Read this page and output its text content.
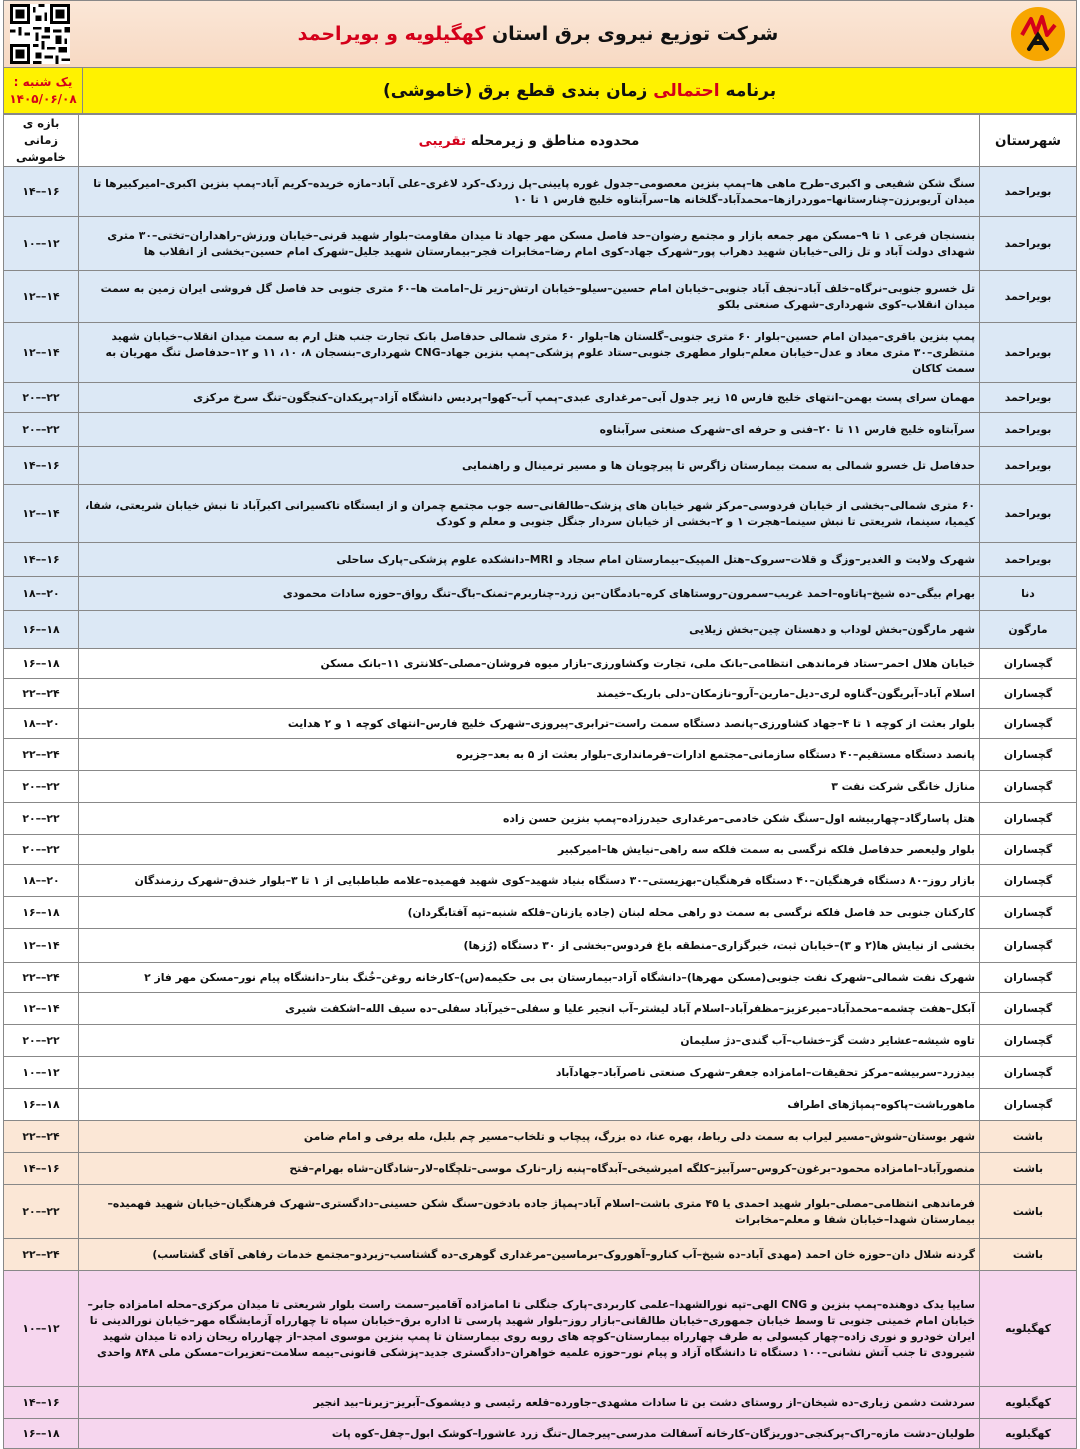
شرکت توزیع نیروی برق استان کهگیلویه و بویراحمد
یک شنبه :
۱۴۰۵/۰۶/۰۸	برنامه

احتمالی

زمان بندی قطع برق (خاموشی)
شهرستان	محدوده مناطق و زیرمحله تقریبی	بازه ی زمانی خاموشی
بویراحمد	سنگ شکن شفیعی و اکبری–طرح ماهی ها–پمپ بنزین معصومی–جدول غوره پایینی–پل زردک–کرد لاغری–علی آباد–مازه خریده–کریم آباد–پمپ بنزین اکبری–امیرکبیرها تا میدان آریوبرزن–چنارستانها–موردرازها–محمدآباد–گلخانه ها–سرآبتاوه خلیج فارس ۱ تا ۱۰	۱۴––۱۶
بویراحمد	بنسنجان فرعی ۱ تا ۹–مسکن مهر جمعه بازار و مجتمع رضوان–حد فاصل مسکن مهر جهاد تا میدان مقاومت–بلوار شهید قرنی–خیابان ورزش–راهداران–تختی–۳۰ متری شهدای دولت آباد و تل زالی–خیابان شهید دهراب پور–شهرک جهاد–کوی امام رضا–مخابرات فجر–بیمارستان شهید جلیل–شهرک امام حسین–بخشی از انقلاب ها	۱۰––۱۲
بویراحمد	تل خسرو جنوبی–نرگاه–خلف آباد–نجف آباد جنوبی–خیابان امام حسین–سیلو–خیابان ارتش–زیر تل–امامت ها–۶۰ متری جنوبی حد فاصل گل فروشی ایران زمین به سمت میدان انقلاب–کوی شهرداری–شهرک صنعتی بلکو	۱۲––۱۴
بویراحمد	پمپ بنزین باقری–میدان امام حسین–بلوار ۶۰ متری جنوبی–گلستان ها–بلوار ۶۰ متری شمالی حدفاصل بانک تجارت جنب هتل ارم به سمت میدان انقلاب–خیابان شهید منتظری–۳۰ متری معاد و عدل–خیابان معلم–بلوار مطهری جنوبی–ستاد علوم پزشکی–پمپ بنزین جهاد–CNG شهرداری–بنسجان ۸، ۱۰، ۱۱ و ۱۲–حدفاصل تنگ مهریان به سمت کاکان	۱۲––۱۴
بویراحمد	مهمان سرای پست بهمن–انتهای خلیج فارس ۱۵ زیر جدول آبی–مرغداری عبدی–پمپ آب–کهوا–پردیس دانشگاه آزاد–پریکدان–کنجگون–تنگ سرخ مرکزی	۲۰––۲۲
بویراحمد	سرآبتاوه خلیج فارس ۱۱ تا ۲۰–فنی و حرفه ای–شهرک صنعتی سرآبتاوه	۲۰––۲۲
بویراحمد	حدفاصل تل خسرو شمالی به سمت بیمارستان زاگرس تا پیرچویان ها و مسیر ترمینال و راهنمایی	۱۴––۱۶
بویراحمد	۶۰ متری شمالی–بخشی از خیابان فردوسی–مرکز شهر خیابان های پزشک–طالقانی–سه جوب مجتمع چمران و از ایستگاه تاکسیرانی اکبرآباد تا نبش خیابان شریعتی، شفا، کیمیا، سینما، شریعتی تا نبش سینما–هجرت ۱ و ۲–بخشی از خیابان سردار جنگل جنوبی و معلم و کودک	۱۲––۱۴
بویراحمد	شهرک ولایت و الغدیر–وزگ و قلات–سروک–هتل المپیک–بیمارستان امام سجاد و MRI–دانشکده علوم پزشکی–پارک ساحلی	۱۴––۱۶
دنا	بهرام بیگی–ده شیخ–پاتاوه–احمد غریب–سمرون–روستاهای کره–بادمگان–بن زرد–چناربرم–تمنک–باگ–تنگ رواق–حوزه سادات محمودی	۱۸––۲۰
مارگون	شهر مارگون–بخش لوداب و دهستان چین–بخش زیلایی	۱۶––۱۸
گچساران	خیابان هلال احمر–ستاد فرماندهی انتظامی–بانک ملی، تجارت وکشاورزی–بازار میوه فروشان–مصلی–کلانتری ۱۱–بانک مسکن	۱۶––۱۸
گچساران	اسلام آباد–آبریگون–گناوه لری–دیل–مارین–آرو–نازمکان–دلی باریک–خیمند	۲۲––۲۴
گچساران	بلوار بعثت از کوچه ۱ تا ۴–جهاد کشاورزی–پانصد دستگاه سمت راست–ترابری–پیروزی–شهرک خلیج فارس–انتهای کوچه ۱ و ۲ هدایت	۱۸––۲۰
گچساران	پانصد دستگاه مستقیم–۴۰ دستگاه سازمانی–مجتمع ادارات–فرمانداری–بلوار بعثت از ۵ به بعد–جزیره	۲۲––۲۴
گچساران	منازل خانگی شرکت نفت ۳	۲۰––۲۲
گچساران	هتل پاسارگاد–چهاربیشه اول–سنگ شکن خادمی–مرغداری حیدرزاده–پمپ بنزین حسن زاده	۲۰––۲۲
گچساران	بلوار ولیعصر حدفاصل فلکه نرگسی به سمت فلکه سه راهی–نیایش ها–امیرکبیر	۲۰––۲۲
گچساران	بازار روز–۸۰ دستگاه فرهنگیان–۴۰ دستگاه فرهنگیان–بهزیستی–۳۰ دستگاه بنیاد شهید–کوی شهید فهمیده–علامه طباطبایی از ۱ تا ۳–بلوار خندق–شهرک رزمندگان	۱۸––۲۰
گچساران	کارکنان جنوبی حد فاصل فلکه نرگسی به سمت دو راهی محله لبنان (جاده یازنان–فلکه شنبه–تپه آفتابگردان)	۱۶––۱۸
گچساران	بخشی از نیایش ها(۲ و ۳)–خیابان ثبت، خبرگزاری–منطقه باغ فردوس–بخشی از ۳۰ دستگاه (رُزها)	۱۲––۱۴
گچساران	شهرک نفت شمالی–شهرک نفت جنوبی(مسکن مهرها)–دانشگاه آزاد–بیمارستان بی بی حکیمه(س)–کارخانه روغن–خُنگ بنار–دانشگاه پیام نور–مسکن مهر فاز ۲	۲۲––۲۴
گچساران	آبکل–هفت چشمه–محمدآباد–میرعزیز–مظفرآباد–اسلام آباد لیشتر–آب انجیر علیا و سفلی–خیرآباد سفلی–ده سیف الله–اشکفت شیری	۱۲––۱۴
گچساران	تاوه شیشه–عشایر دشت گز–خشاب–آب گندی–دژ سلیمان	۲۰––۲۲
گچساران	بیدزرد–سربیشه–مرکز تحقیقات–امامزاده جعفر–شهرک صنعتی ناصرآباد–جهادآباد	۱۰––۱۲
گچساران	ماهورباشت–پاکوه–پمپاژهای اطراف	۱۶––۱۸
باشت	شهر بوستان–شوش–مسیر لیراب به سمت دلی رباط، بهره عنا، ده بزرگ، پیچاب و تلخاب–مسیر چم بلبل، مله برفی و امام ضامن	۲۲––۲۴
باشت	منصورآباد–امامزاده محمود–برغون–کروس–سرآبیز–کلگه امیرشیخی–آبدگاه–پنبه زار–نارک موسی–تلچگاه–لار–شادگان–شاه بهرام–فتح	۱۴––۱۶
باشت	فرماندهی انتظامی–مصلی–بلوار شهید احمدی یا ۴۵ متری باشت–اسلام آباد–پمپاژ جاده بادخون–سنگ شکن حسینی–دادگستری–شهرک فرهنگیان–خیابان شهید فهمیده–بیمارستان شهدا–خیابان شفا و معلم–مخابرات	۲۰––۲۲
باشت	گردنه شلال دان–حوزه خان احمد (مهدی آباد–ده شیخ–آب کنارو–آهوروک–برماسین–مرغداری گوهری–ده گشتاسب–زیردو–مجتمع خدمات رفاهی آقای گشتاسب)	۲۲––۲۴
کهگیلویه	سایپا یدک دوهنده–پمپ بنزین و CNG الهی–تپه نورالشهدا–علمی کاربردی–پارک جنگلی تا امامزاده آقامیر–سمت راست بلوار شریعتی تا میدان مرکزی–محله امامزاده جابر–خیابان امام خمینی جنوبی تا وسط خیابان جمهوری–خیابان طالقانی–بازار روز–بلوار شهید پارسی تا اداره برق–خیابان سپاه تا چهارراه آزمایشگاه مهر–خیابان نورالدینی تا ایران خودرو و نوری زاده–چهار کیسولی به طرف چهارراه بیمارستان–کوچه های روبه روی بیمارستان تا پمپ بنزین موسوی امجد–از چهارراه ریحان زاده تا میدان شهید شیرودی تا جنب آتش نشانی–۱۰۰ دستگاه تا دانشگاه آزاد و پیام نور–حوزه علمیه خواهران–دادگستری جدید–پزشکی قانونی–بیمه سلامت–تعزیرات–مسکن ملی ۸۴۸ واحدی	۱۰––۱۲
کهگیلویه	سردشت دشمن زیاری–ده شیخان–از روستای دشت بن تا سادات مشهدی–جاورده–قلعه رئیسی و دیشموک–آبریز–زیرنا–بید انجیر	۱۴––۱۶
کهگیلویه	طولیان–دشت مازه–راک–پرکنجی–دوریزگان–کارخانه آسفالت مدرسی–پیرجمال–تنگ زرد عاشورا–کوشک ابول–چفل–کوه پات	۱۶––۱۸
